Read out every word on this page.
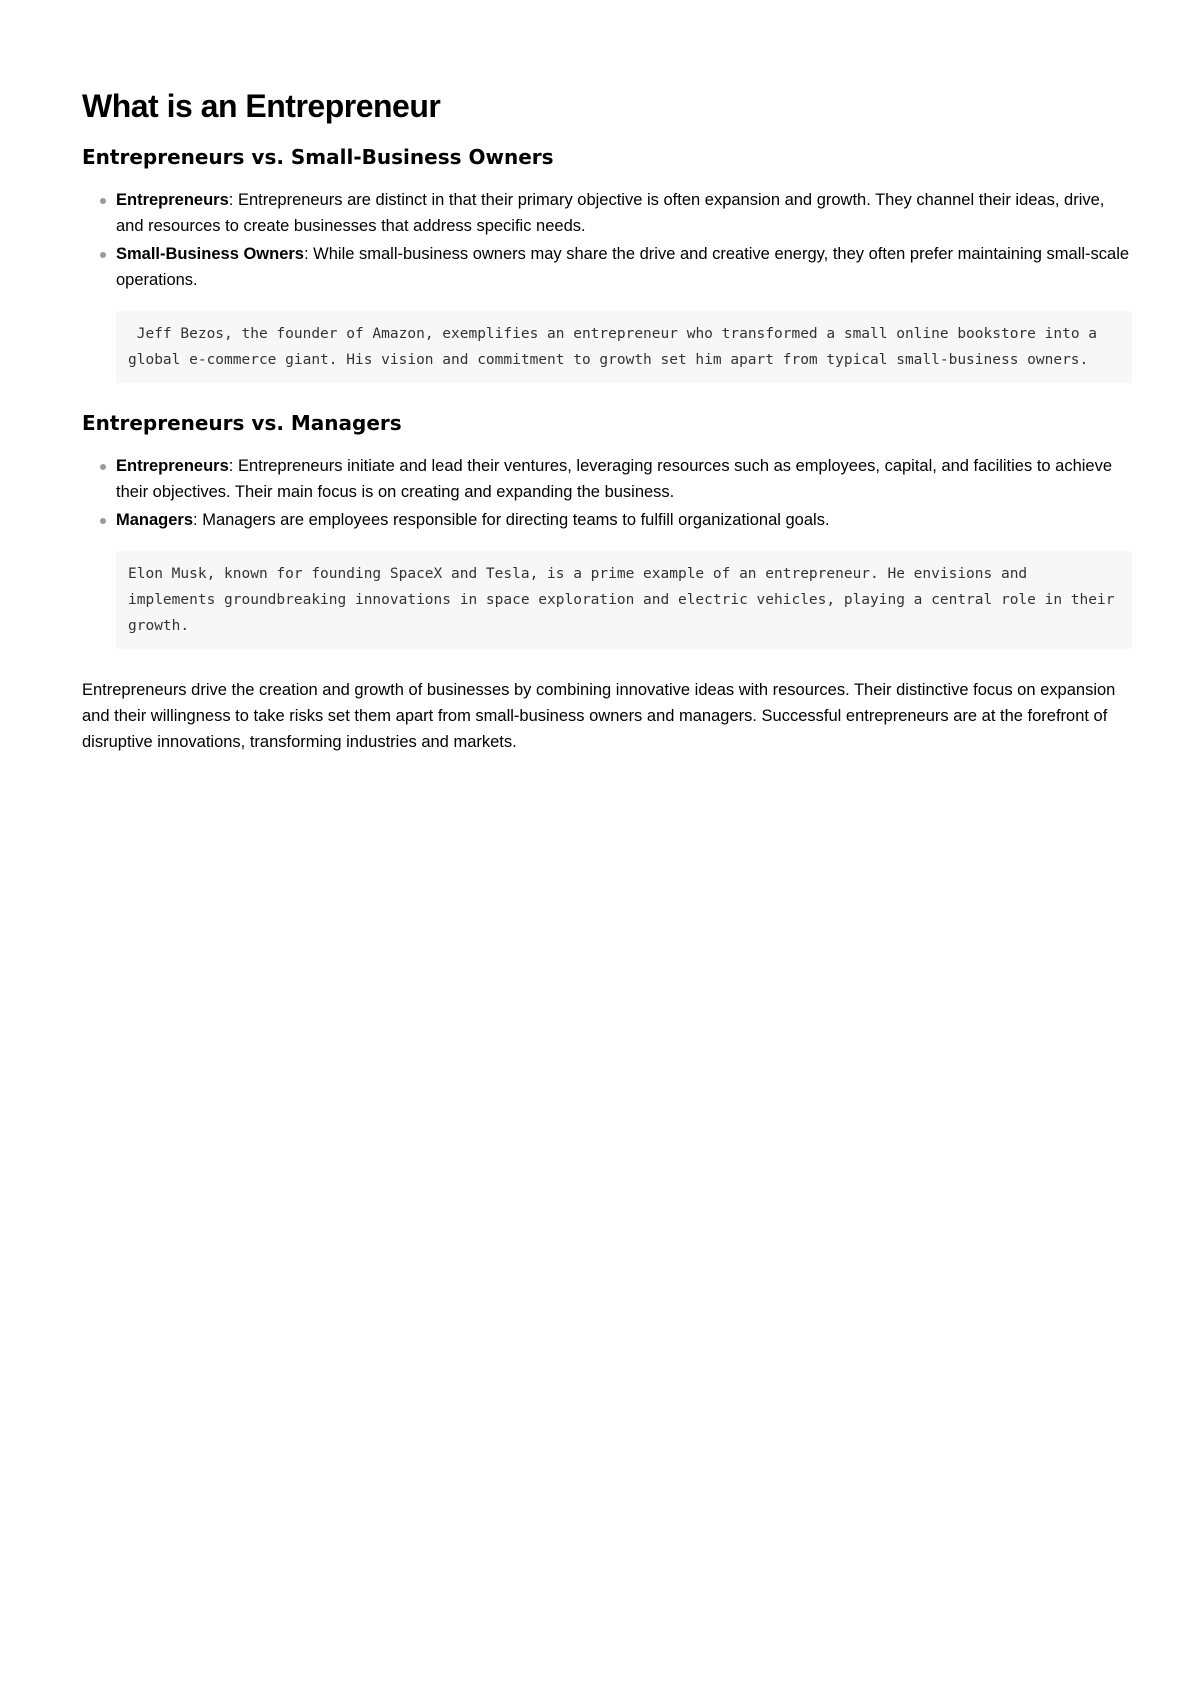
What is an Entrepreneur
Entrepreneurs vs. Small-Business Owners
Entrepreneurs: Entrepreneurs are distinct in that their primary objective is often expansion and growth. They channel their ideas, drive, and resources to create businesses that address specific needs.
Small-Business Owners: While small-business owners may share the drive and creative energy, they often prefer maintaining small-scale operations.
Jeff Bezos, the founder of Amazon, exemplifies an entrepreneur who transformed a small online bookstore into a global e-commerce giant. His vision and commitment to growth set him apart from typical small-business owners.
Entrepreneurs vs. Managers
Entrepreneurs: Entrepreneurs initiate and lead their ventures, leveraging resources such as employees, capital, and facilities to achieve their objectives. Their main focus is on creating and expanding the business.
Managers: Managers are employees responsible for directing teams to fulfill organizational goals.
Elon Musk, known for founding SpaceX and Tesla, is a prime example of an entrepreneur. He envisions and implements groundbreaking innovations in space exploration and electric vehicles, playing a central role in their growth.

Entrepreneurs drive the creation and growth of businesses by combining innovative ideas with resources. Their distinctive focus on expansion and their willingness to take risks set them apart from small-business owners and managers. Successful entrepreneurs are at the forefront of disruptive innovations, transforming industries and markets.
